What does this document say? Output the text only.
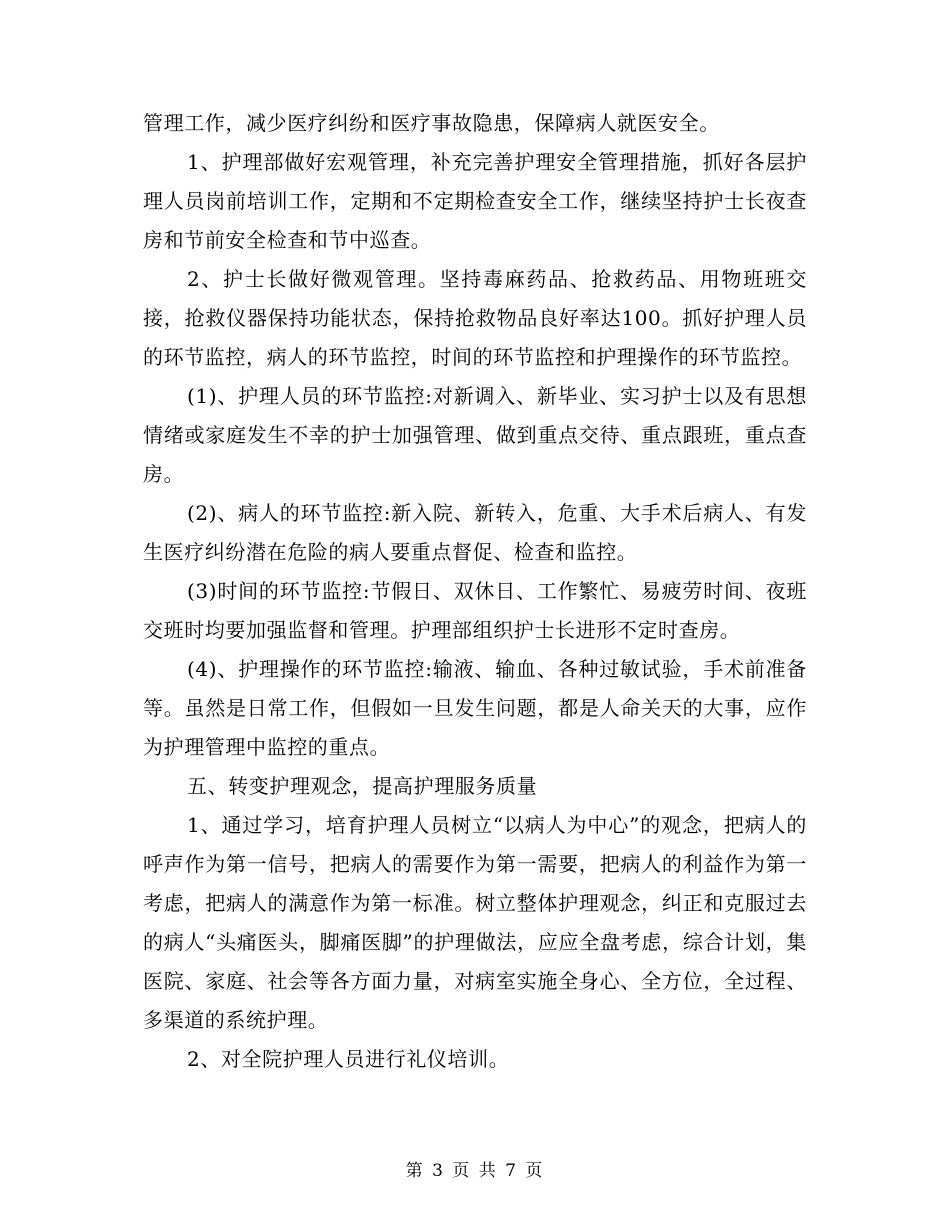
管理工作，减少医疗纠纷和医疗事故隐患，保障病人就医安全。

1、护理部做好宏观管理，补充完善护理安全管理措施，抓好各层护理人员岗前培训工作，定期和不定期检查安全工作，继续坚持护士长夜查房和节前安全检查和节中巡查。

2、护士长做好微观管理。坚持毒麻药品、抢救药品、用物班班交接，抢救仪器保持功能状态，保持抢救物品良好率达100。抓好护理人员的环节监控，病人的环节监控，时间的环节监控和护理操作的环节监控。

(1)、护理人员的环节监控:对新调入、新毕业、实习护士以及有思想情绪或家庭发生不幸的护士加强管理、做到重点交待、重点跟班，重点查房。

(2)、病人的环节监控:新入院、新转入，危重、大手术后病人、有发生医疗纠纷潜在危险的病人要重点督促、检查和监控。

(3)时间的环节监控:节假日、双休日、工作繁忙、易疲劳时间、夜班交班时均要加强监督和管理。护理部组织护士长进形不定时查房。

(4)、护理操作的环节监控:输液、输血、各种过敏试验，手术前准备等。虽然是日常工作，但假如一旦发生问题，都是人命关天的大事，应作为护理管理中监控的重点。

五、转变护理观念，提高护理服务质量

1、通过学习，培育护理人员树立“以病人为中心”的观念，把病人的呼声作为第一信号，把病人的需要作为第一需要，把病人的利益作为第一考虑，把病人的满意作为第一标准。树立整体护理观念，纠正和克服过去的病人“头痛医头，脚痛医脚”的护理做法，应应全盘考虑，综合计划，集医院、家庭、社会等各方面力量，对病室实施全身心、全方位，全过程、多渠道的系统护理。

2、对全院护理人员进行礼仪培训。

第 3 页 共 7 页
